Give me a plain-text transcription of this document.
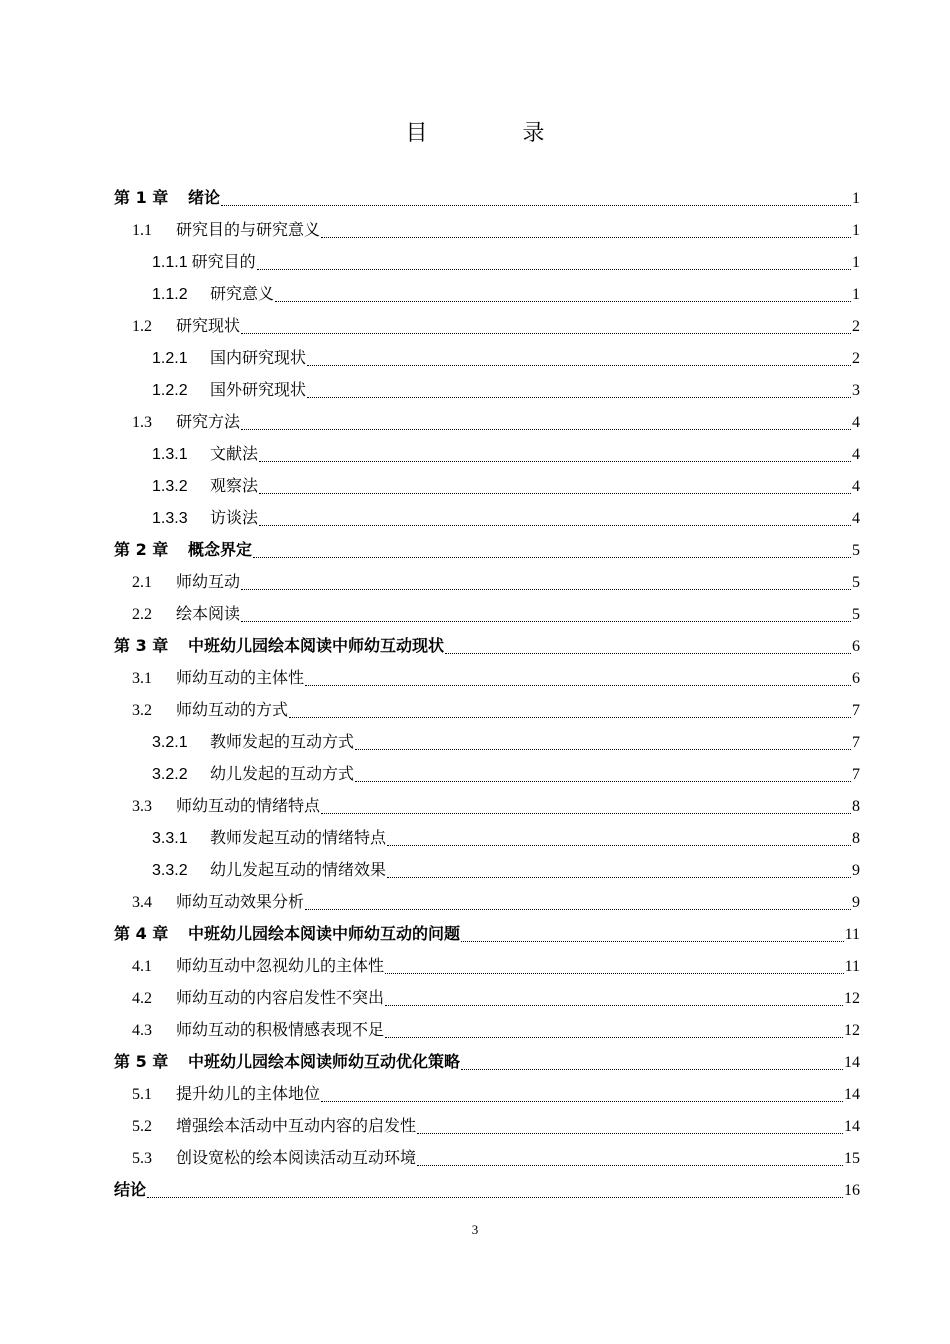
目 录
第 1 章	绪论	1
1.1	研究目的与研究意义	1
1.1.1 研究目的	1
1.1.2	研究意义	1
1.2	研究现状	2
1.2.1	国内研究现状	2
1.2.2	国外研究现状	3
1.3	研究方法	4
1.3.1	文献法	4
1.3.2	观察法	4
1.3.3	访谈法	4
第 2 章	概念界定	5
2.1	师幼互动	5
2.2	绘本阅读	5
第 3 章	中班幼儿园绘本阅读中师幼互动现状	6
3.1	师幼互动的主体性	6
3.2	师幼互动的方式	7
3.2.1	教师发起的互动方式	7
3.2.2	幼儿发起的互动方式	7
3.3	师幼互动的情绪特点	8
3.3.1	教师发起互动的情绪特点	8
3.3.2	幼儿发起互动的情绪效果	9
3.4	师幼互动效果分析	9
第 4 章	中班幼儿园绘本阅读中师幼互动的问题	11
4.1	师幼互动中忽视幼儿的主体性	11
4.2	师幼互动的内容启发性不突出	12
4.3	师幼互动的积极情感表现不足	12
第 5 章	中班幼儿园绘本阅读师幼互动优化策略	14
5.1	提升幼儿的主体地位	14
5.2	增强绘本活动中互动内容的启发性	14
5.3	创设宽松的绘本阅读活动互动环境	15
结论	16
3
